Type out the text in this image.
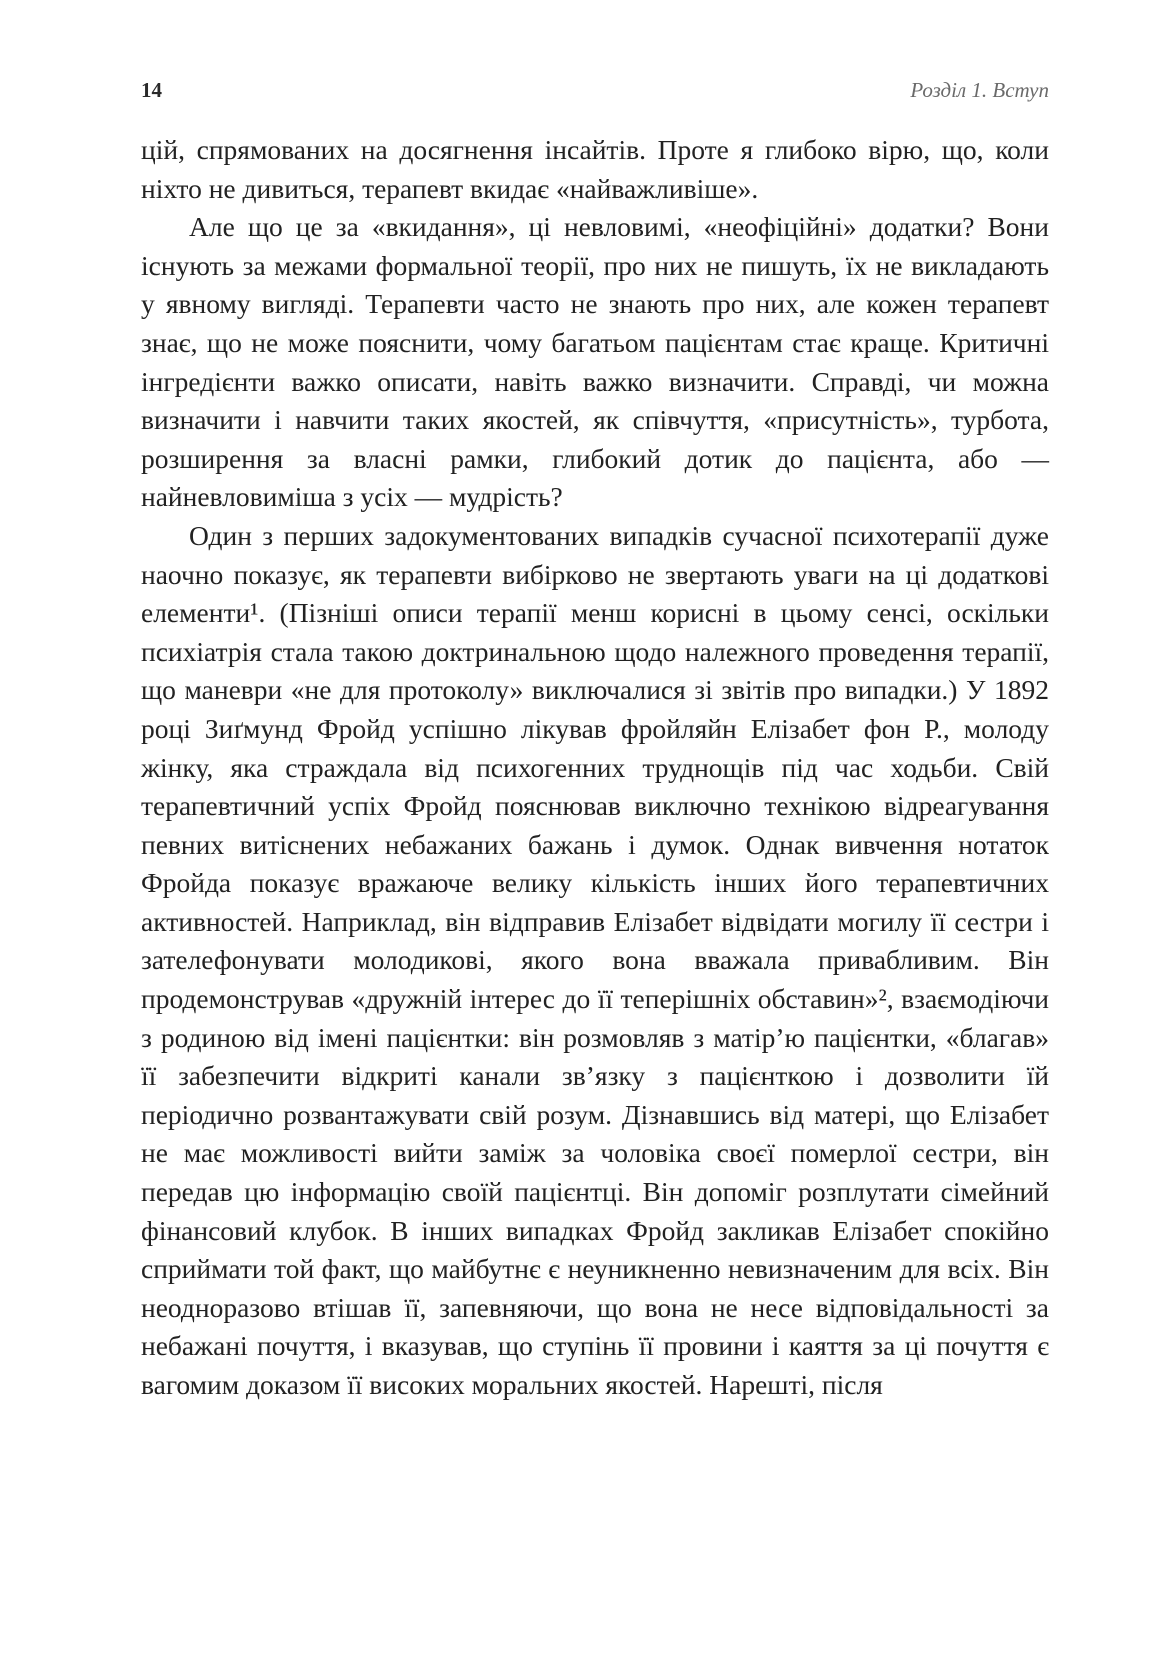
14	Розділ 1. Вступ

цій, спрямованих на досягнення інсайтів. Проте я глибоко вірю, що, коли ніхто не дивиться, терапевт вкидає «найважливіше».

Але що це за «вкидання», ці невловимі, «неофіційні» додатки? Вони існують за межами формальної теорії, про них не пишуть, їх не викладають у явному вигляді. Терапевти часто не знають про них, але кожен терапевт знає, що не може пояснити, чому багатьом пацієнтам стає краще. Критичні інгредієнти важко описати, навіть важко визначити. Справді, чи можна визначити і навчити таких якостей, як співчуття, «присутність», турбота, розширення за власні рамки, глибокий дотик до пацієнта, або — найневловиміша з усіх — мудрість?

Один з перших задокументованих випадків сучасної психотерапії дуже наочно показує, як терапевти вибірково не звертають уваги на ці додаткові елементи¹. (Пізніші описи терапії менш корисні в цьому сенсі, оскільки психіатрія стала такою доктринальною щодо належного проведення терапії, що маневри «не для протоколу» виключалися зі звітів про випадки.) У 1892 році Зиґмунд Фройд успішно лікував фройляйн Елізабет фон Р., молоду жінку, яка страждала від психогенних труднощів під час ходьби. Свій терапевтичний успіх Фройд пояснював виключно технікою відреагування певних витіснених небажаних бажань і думок. Однак вивчення нотаток Фройда показує вражаюче велику кількість інших його терапевтичних активностей. Наприклад, він відправив Елізабет відвідати могилу її сестри і зателефонувати молодикові, якого вона вважала привабливим. Він продемонстрував «дружній інтерес до її теперішніх обставин»², взаємодіючи з родиною від імені пацієнтки: він розмовляв з матір’ю пацієнтки, «благав» її забезпечити відкриті канали зв’язку з пацієнткою і дозволити їй періодично розвантажувати свій розум. Дізнавшись від матері, що Елізабет не має можливості вийти заміж за чоловіка своєї померлої сестри, він передав цю інформацію своїй пацієнтці. Він допоміг розплутати сімейний фінансовий клубок. В інших випадках Фройд закликав Елізабет спокійно сприймати той факт, що майбутнє є неуникненно невизначеним для всіх. Він неодноразово втішав її, запевняючи, що вона не несе відповідальності за небажані почуття, і вказував, що ступінь її провини і каяття за ці почуття є вагомим доказом її високих моральних якостей. Нарешті, після
